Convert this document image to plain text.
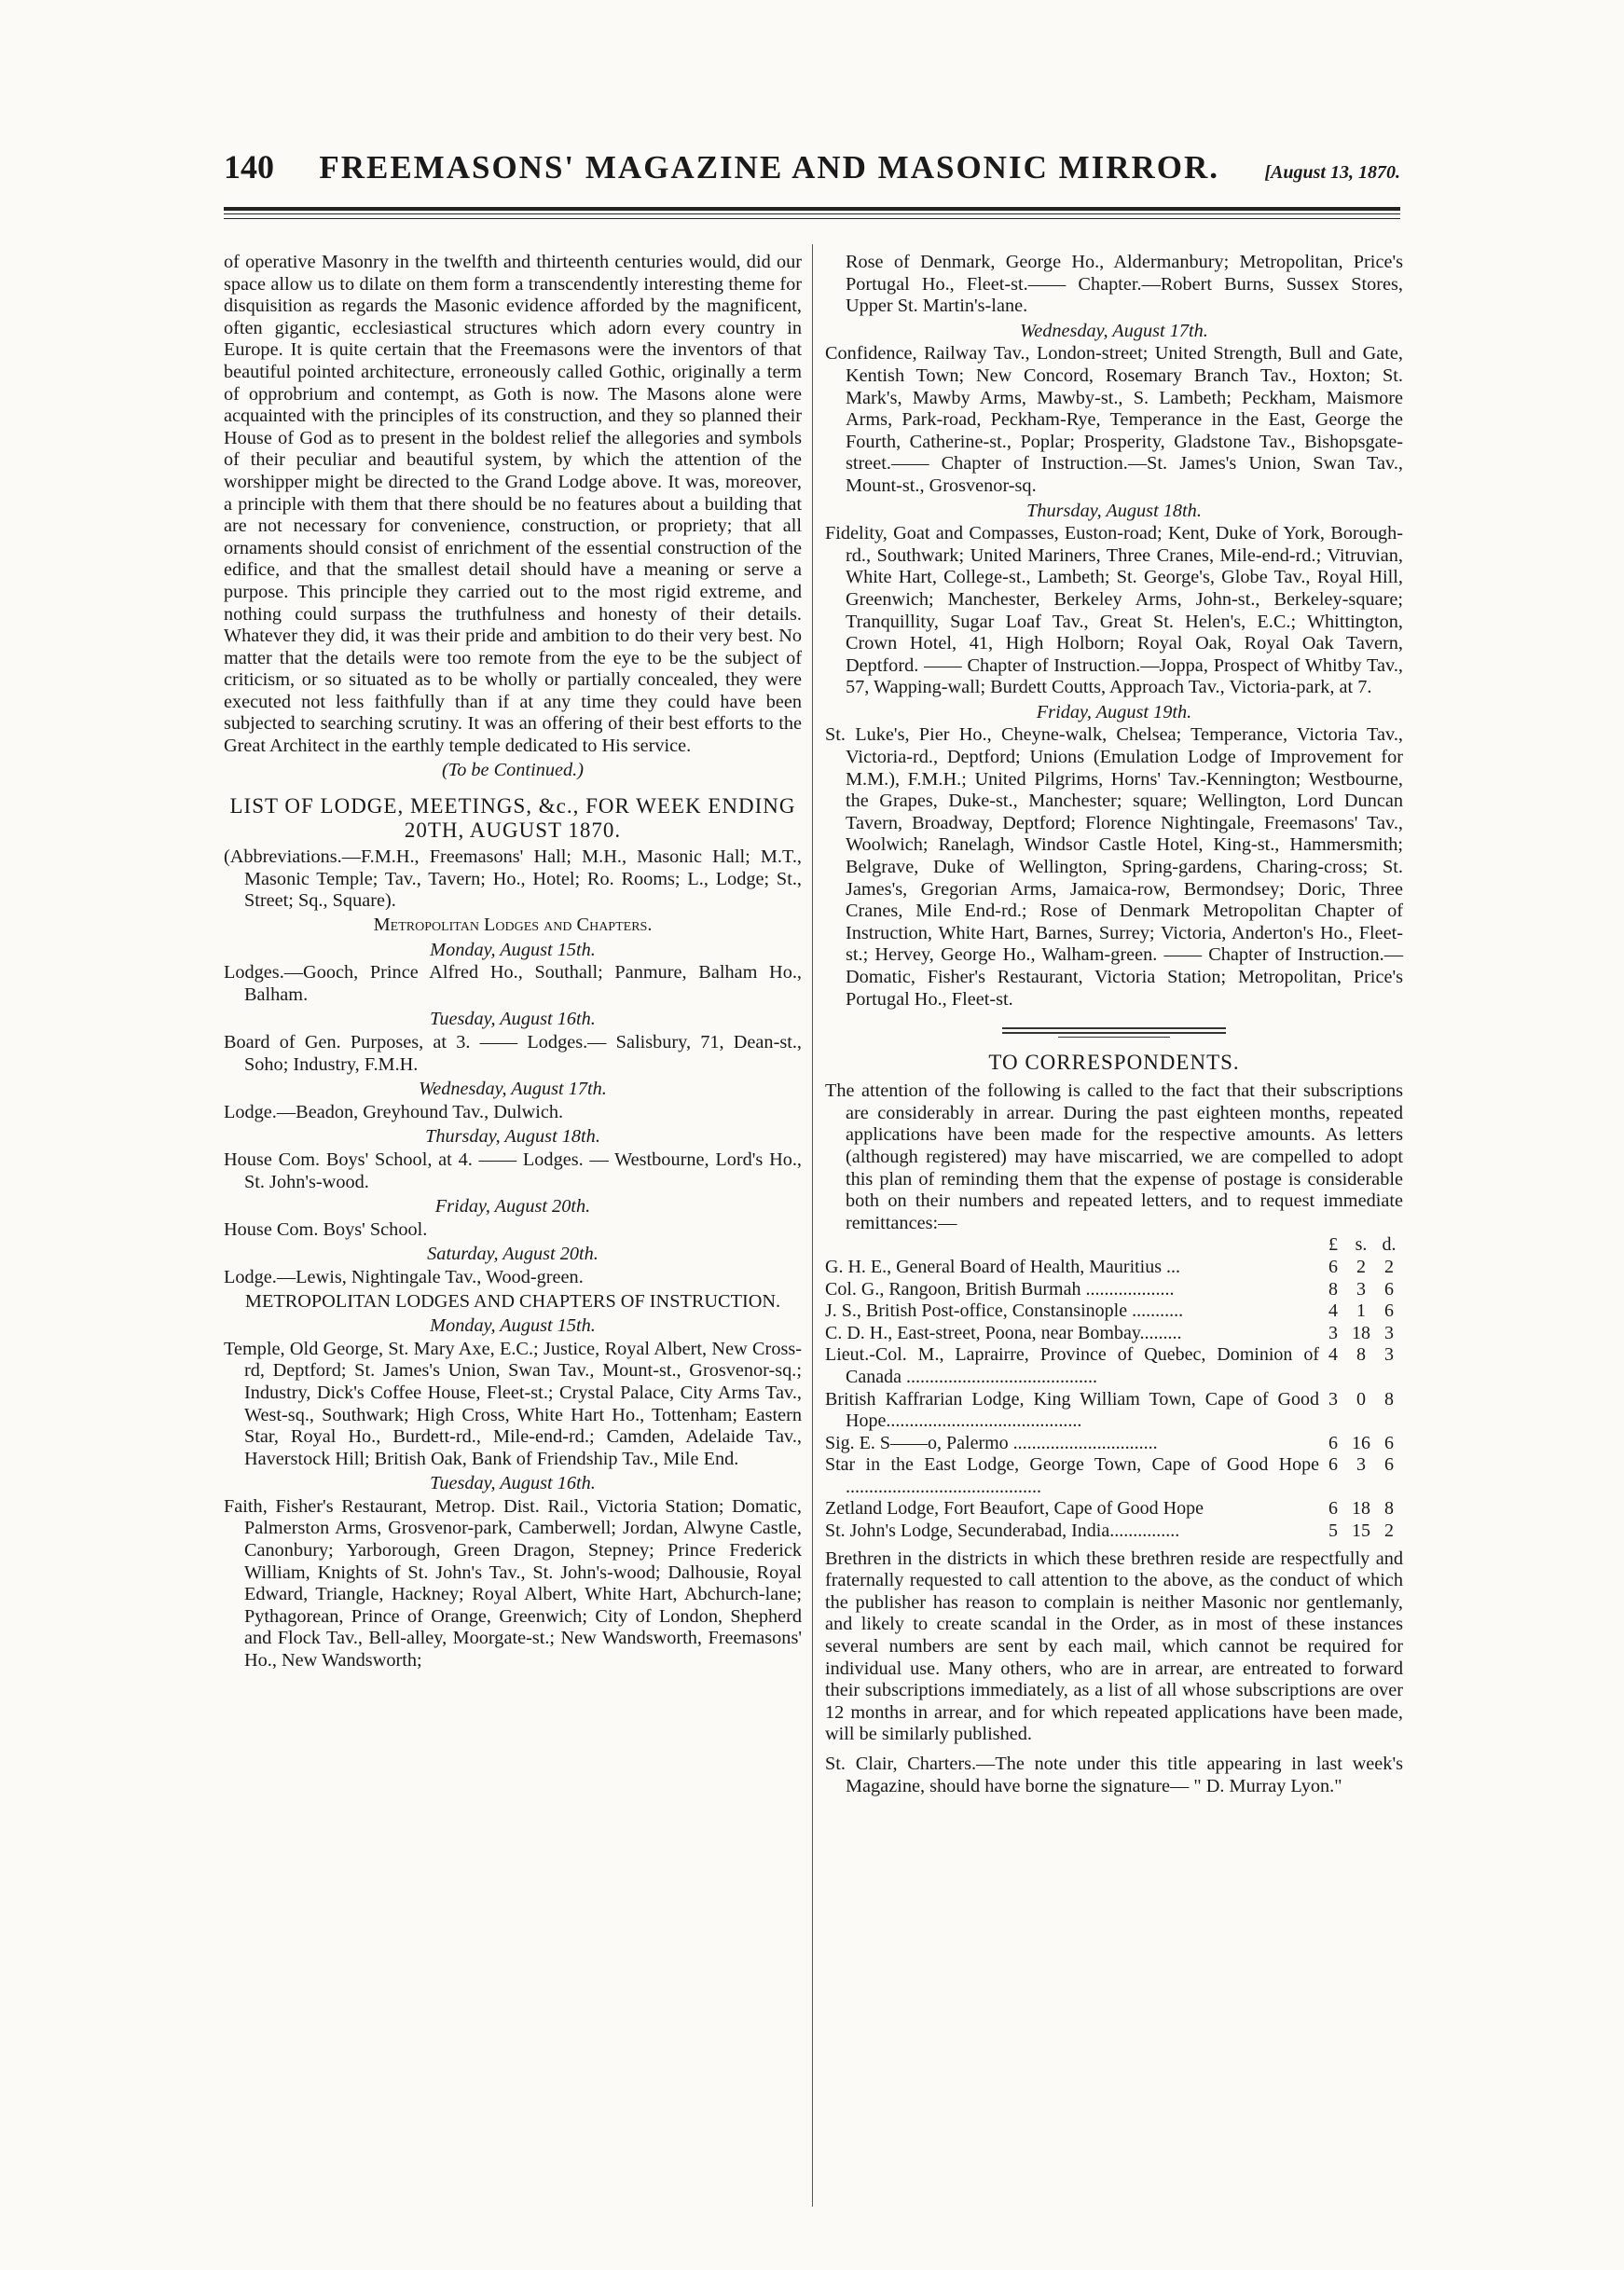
140 FREEMASONS' MAGAZINE AND MASONIC MIRROR. [August 13, 1870.

of operative Masonry in the twelfth and thirteenth centuries would, did our space allow us to dilate on them form a transcendently interesting theme for disquisition as regards the Masonic evidence afforded by the magnificent, often gigantic, ecclesiastical structures which adorn every country in Europe. It is quite certain that the Freemasons were the inventors of that beautiful pointed architecture, erroneously called Gothic, originally a term of opprobrium and contempt, as Goth is now. The Masons alone were acquainted with the principles of its construction, and they so planned their House of God as to present in the boldest relief the allegories and symbols of their peculiar and beautiful system, by which the attention of the worshipper might be directed to the Grand Lodge above. It was, moreover, a principle with them that there should be no features about a building that are not necessary for convenience, construction, or propriety; that all ornaments should consist of enrichment of the essential construction of the edifice, and that the smallest detail should have a meaning or serve a purpose. This principle they carried out to the most rigid extreme, and nothing could surpass the truthfulness and honesty of their details. Whatever they did, it was their pride and ambition to do their very best. No matter that the details were too remote from the eye to be the subject of criticism, or so situated as to be wholly or partially concealed, they were executed not less faithfully than if at any time they could have been subjected to searching scrutiny. It was an offering of their best efforts to the Great Architect in the earthly temple dedicated to His service.

(To be Continued.)

LIST OF LODGE, MEETINGS, &c., FOR WEEK ENDING 20TH, AUGUST 1870.

(Abbreviations.—F.M.H., Freemasons' Hall; M.H., Masonic Hall; M.T., Masonic Temple; Tav., Tavern; Ho., Hotel; Ro. Rooms; L., Lodge; St., Street; Sq., Square).

Metropolitan Lodges and Chapters.

Monday, August 15th.

Lodges.—Gooch, Prince Alfred Ho., Southall; Panmure, Balham Ho., Balham.

Tuesday, August 16th.

Board of Gen. Purposes, at 3. —— Lodges.— Salisbury, 71, Dean-st., Soho; Industry, F.M.H.

Wednesday, August 17th.

Lodge.—Beadon, Greyhound Tav., Dulwich.

Thursday, August 18th.

House Com. Boys' School, at 4. —— Lodges. — Westbourne, Lord's Ho., St. John's-wood.

Friday, August 20th.

House Com. Boys' School.

Saturday, August 20th.

Lodge.—Lewis, Nightingale Tav., Wood-green.

METROPOLITAN LODGES AND CHAPTERS OF INSTRUCTION.

Monday, August 15th.

Temple, Old George, St. Mary Axe, E.C.; Justice, Royal Albert, New Cross-rd, Deptford; St. James's Union, Swan Tav., Mount-st., Grosvenor-sq.; Industry, Dick's Coffee House, Fleet-st.; Crystal Palace, City Arms Tav., West-sq., Southwark; High Cross, White Hart Ho., Tottenham; Eastern Star, Royal Ho., Burdett-rd., Mile-end-rd.; Camden, Adelaide Tav., Haverstock Hill; British Oak, Bank of Friendship Tav., Mile End.

Tuesday, August 16th.

Faith, Fisher's Restaurant, Metrop. Dist. Rail., Victoria Station; Domatic, Palmerston Arms, Grosvenor-park, Camberwell; Jordan, Alwyne Castle, Canonbury; Yarborough, Green Dragon, Stepney; Prince Frederick William, Knights of St. John's Tav., St. John's-wood; Dalhousie, Royal Edward, Triangle, Hackney; Royal Albert, White Hart, Abchurch-lane; Pythagorean, Prince of Orange, Greenwich; City of London, Shepherd and Flock Tav., Bell-alley, Moorgate-st.; New Wandsworth, Freemasons' Ho., New Wandsworth;

Rose of Denmark, George Ho., Aldermanbury; Metropolitan, Price's Portugal Ho., Fleet-st.—— Chapter.—Robert Burns, Sussex Stores, Upper St. Martin's-lane.

Wednesday, August 17th.

Confidence, Railway Tav., London-street; United Strength, Bull and Gate, Kentish Town; New Concord, Rosemary Branch Tav., Hoxton; St. Mark's, Mawby Arms, Mawby-st., S. Lambeth; Peckham, Maismore Arms, Park-road, Peckham-Rye, Temperance in the East, George the Fourth, Catherine-st., Poplar; Prosperity, Gladstone Tav., Bishopsgate-street.—— Chapter of Instruction.—St. James's Union, Swan Tav., Mount-st., Grosvenor-sq.

Thursday, August 18th.

Fidelity, Goat and Compasses, Euston-road; Kent, Duke of York, Borough-rd., Southwark; United Mariners, Three Cranes, Mile-end-rd.; Vitruvian, White Hart, College-st., Lambeth; St. George's, Globe Tav., Royal Hill, Greenwich; Manchester, Berkeley Arms, John-st., Berkeley-square; Tranquillity, Sugar Loaf Tav., Great St. Helen's, E.C.; Whittington, Crown Hotel, 41, High Holborn; Royal Oak, Royal Oak Tavern, Deptford. —— Chapter of Instruction.—Joppa, Prospect of Whitby Tav., 57, Wapping-wall; Burdett Coutts, Approach Tav., Victoria-park, at 7.

Friday, August 19th.

St. Luke's, Pier Ho., Cheyne-walk, Chelsea; Temperance, Victoria Tav., Victoria-rd., Deptford; Unions (Emulation Lodge of Improvement for M.M.), F.M.H.; United Pilgrims, Horns' Tav.-Kennington; Westbourne, the Grapes, Duke-st., Manchester; square; Wellington, Lord Duncan Tavern, Broadway, Deptford; Florence Nightingale, Freemasons' Tav., Woolwich; Ranelagh, Windsor Castle Hotel, King-st., Hammersmith; Belgrave, Duke of Wellington, Spring-gardens, Charing-cross; St. James's, Gregorian Arms, Jamaica-row, Bermondsey; Doric, Three Cranes, Mile End-rd.; Rose of Denmark Metropolitan Chapter of Instruction, White Hart, Barnes, Surrey; Victoria, Anderton's Ho., Fleet-st.; Hervey, George Ho., Walham-green. —— Chapter of Instruction.— Domatic, Fisher's Restaurant, Victoria Station; Metropolitan, Price's Portugal Ho., Fleet-st.

TO CORRESPONDENTS.

The attention of the following is called to the fact that their subscriptions are considerably in arrear. During the past eighteen months, repeated applications have been made for the respective amounts. As letters (although registered) may have miscarried, we are compelled to adopt this plan of reminding them that the expense of postage is considerable both on their numbers and repeated letters, and to request immediate remittances:—

	£	s.	d.
G. H. E., General Board of Health, Mauritius ...	6	2	2
Col. G., Rangoon, British Burmah ...................	8	3	6
J. S., British Post-office, Constansinople ...........	4	1	6
C. D. H., East-street, Poona, near Bombay.........	3	18	3
Lieut.-Col. M., Laprairre, Province of Quebec, Dominion of Canada .........................................	4	8	3
British Kaffrarian Lodge, King William Town, Cape of Good Hope..........................................	3	0	8
Sig. E. S——o, Palermo ...............................	6	16	6
Star in the East Lodge, George Town, Cape of Good Hope ..........................................	6	3	6
Zetland Lodge, Fort Beaufort, Cape of Good Hope	6	18	8
St. John's Lodge, Secunderabad, India...............	5	15	2

Brethren in the districts in which these brethren reside are respectfully and fraternally requested to call attention to the above, as the conduct of which the publisher has reason to complain is neither Masonic nor gentlemanly, and likely to create scandal in the Order, as in most of these instances several numbers are sent by each mail, which cannot be required for individual use. Many others, who are in arrear, are entreated to forward their subscriptions immediately, as a list of all whose subscriptions are over 12 months in arrear, and for which repeated applications have been made, will be similarly published.

St. Clair, Charters.—The note under this title appearing in last week's Magazine, should have borne the signature— " D. Murray Lyon."
